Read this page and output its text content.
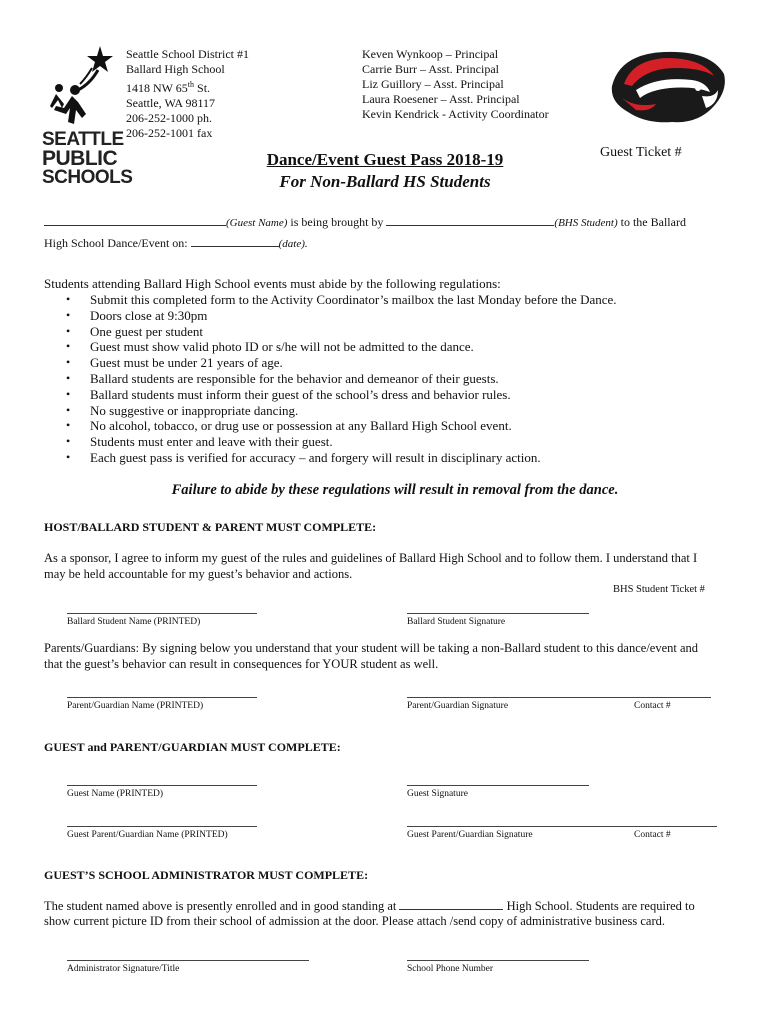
SEATTLE
PUBLIC
SCHOOLS
Seattle School District #1
Ballard High School
1418 NW 65th St.
Seattle, WA 98117
206-252-1000 ph.
206-252-1001 fax
Keven Wynkoop – Principal
Carrie Burr – Asst. Principal
Liz Guillory – Asst. Principal
Laura Roesener – Asst. Principal
Kevin Kendrick - Activity Coordinator
Dance/Event Guest Pass 2018-19
For Non-Ballard HS Students
Guest Ticket #
(Guest Name) is being brought by	(BHS Student) to the Ballard
High School Dance/Event on:	(date).
Students attending Ballard High School events must abide by the following regulations:
• Submit this completed form to the Activity Coordinator’s mailbox the last Monday before the Dance.
• Doors close at 9:30pm
• One guest per student
• Guest must show valid photo ID or s/he will not be admitted to the dance.
• Guest must be under 21 years of age.
• Ballard students are responsible for the behavior and demeanor of their guests.
• Ballard students must inform their guest of the school’s dress and behavior rules.
• No suggestive or inappropriate dancing.
• No alcohol, tobacco, or drug use or possession at any Ballard High School event.
• Students must enter and leave with their guest.
• Each guest pass is verified for accuracy – and forgery will result in disciplinary action.
Failure to abide by these regulations will result in removal from the dance.
HOST/BALLARD STUDENT & PARENT MUST COMPLETE:
As a sponsor, I agree to inform my guest of the rules and guidelines of Ballard High School and to follow them. I understand that I may be held accountable for my guest’s behavior and actions.
BHS Student Ticket #
Ballard Student Name (PRINTED)	Ballard Student Signature
Parents/Guardians: By signing below you understand that your student will be taking a non-Ballard student to this dance/event and that the guest’s behavior can result in consequences for YOUR student as well.
Parent/Guardian Name (PRINTED)	Parent/Guardian Signature	Contact #
GUEST and PARENT/GUARDIAN MUST COMPLETE:
Guest Name (PRINTED)	Guest Signature
Guest Parent/Guardian Name (PRINTED)	Guest Parent/Guardian Signature	Contact #
GUEST’S SCHOOL ADMINISTRATOR MUST COMPLETE:
The student named above is presently enrolled and in good standing at	High School. Students are required to
show current picture ID from their school of admission at the door. Please attach /send copy of administrative business card.
Administrator Signature/Title	School Phone Number
